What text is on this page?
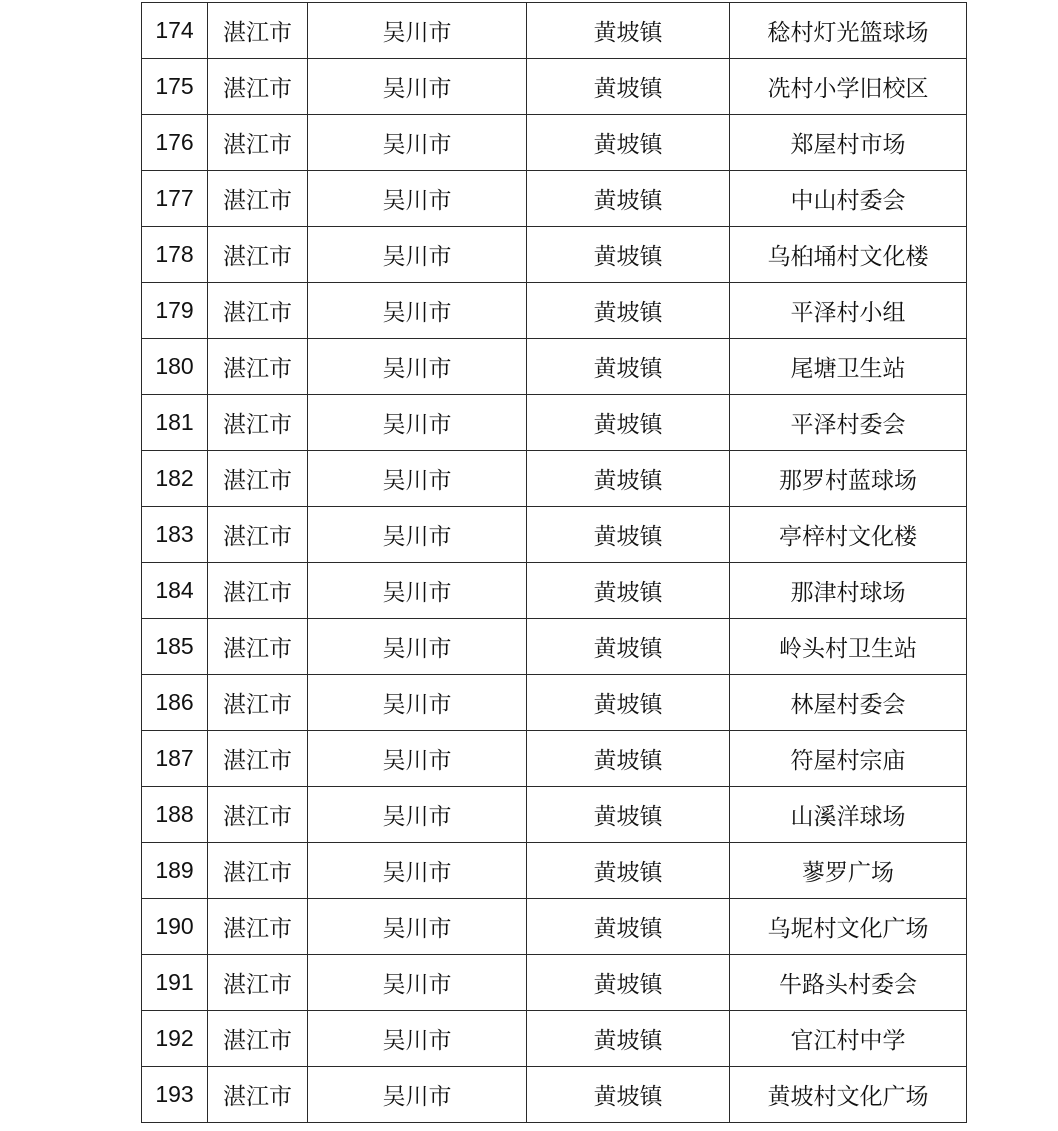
174	湛江市	吴川市	黄坡镇	稔村灯光篮球场
175	湛江市	吴川市	黄坡镇	冼村小学旧校区
176	湛江市	吴川市	黄坡镇	郑屋村市场
177	湛江市	吴川市	黄坡镇	中山村委会
178	湛江市	吴川市	黄坡镇	乌桕埇村文化楼
179	湛江市	吴川市	黄坡镇	平泽村小组
180	湛江市	吴川市	黄坡镇	尾塘卫生站
181	湛江市	吴川市	黄坡镇	平泽村委会
182	湛江市	吴川市	黄坡镇	那罗村蓝球场
183	湛江市	吴川市	黄坡镇	亭梓村文化楼
184	湛江市	吴川市	黄坡镇	那津村球场
185	湛江市	吴川市	黄坡镇	岭头村卫生站
186	湛江市	吴川市	黄坡镇	林屋村委会
187	湛江市	吴川市	黄坡镇	符屋村宗庙
188	湛江市	吴川市	黄坡镇	山溪洋球场
189	湛江市	吴川市	黄坡镇	蓼罗广场
190	湛江市	吴川市	黄坡镇	乌坭村文化广场
191	湛江市	吴川市	黄坡镇	牛路头村委会
192	湛江市	吴川市	黄坡镇	官江村中学
193	湛江市	吴川市	黄坡镇	黄坡村文化广场
